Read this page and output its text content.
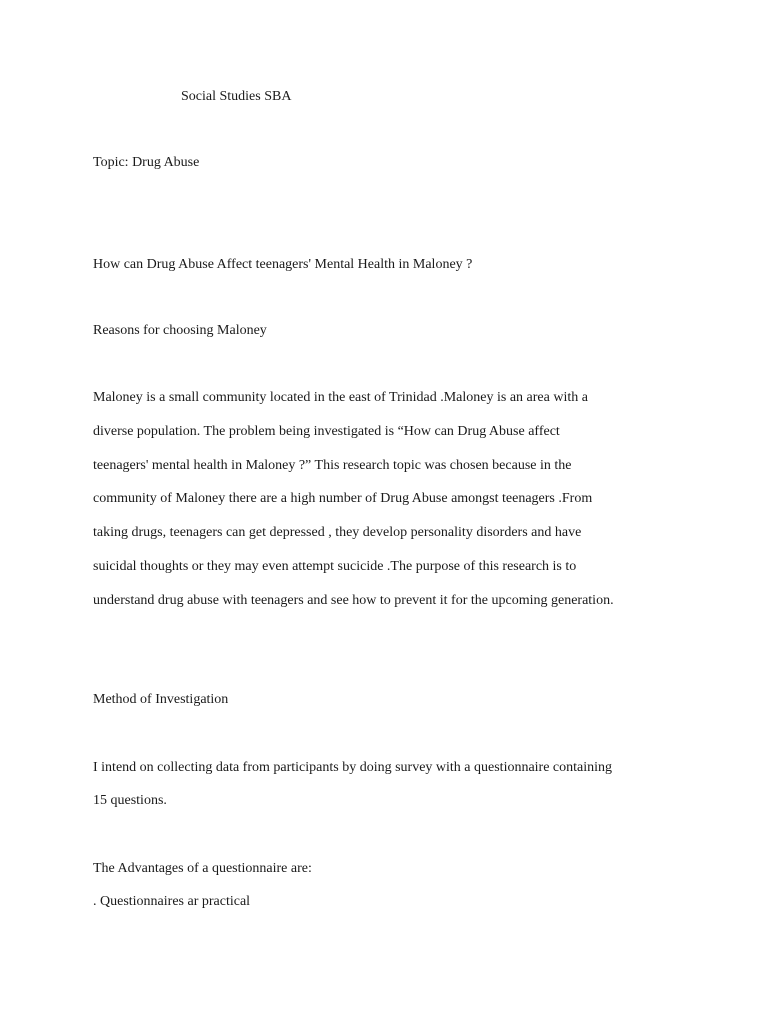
Social Studies SBA
Topic: Drug Abuse
How can Drug Abuse Affect teenagers' Mental Health in Maloney ?
Reasons for choosing Maloney
Maloney is a small community located in the east of Trinidad .Maloney is an area with a
diverse population. The problem being investigated is “How can Drug Abuse affect
teenagers' mental health in Maloney ?” This research topic was chosen because in the
community of Maloney there are a high number of Drug Abuse amongst teenagers .From
taking drugs, teenagers can get depressed , they develop personality disorders and have
suicidal thoughts or they may even attempt sucicide .The purpose of this research is to
understand drug abuse with teenagers and see how to prevent it for the upcoming generation.
Method of Investigation
I intend on collecting data from participants by doing survey with a questionnaire containing
15 questions.
The Advantages of a questionnaire are:
. Questionnaires ar practical
